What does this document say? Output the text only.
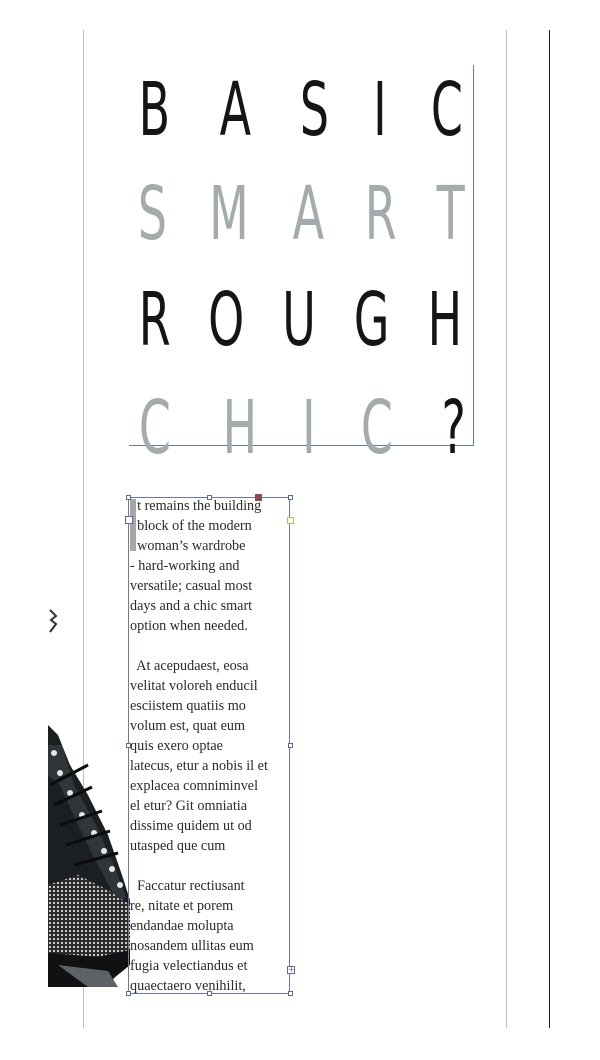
B A S I C
S M A R T
R O U G H
C H I C ?
+

t remains the building

block of the modern

woman’s wardrobe

- hard-working and

versatile; casual most

days and a chic smart

option when needed.

At acepudaest, eosa

velitat voloreh enducil

esciistem quatiis mo

volum est, quat eum

quis exero optae

latecus, etur a nobis il et

explacea comniminvel

el etur? Git omniatia

dissime quidem ut od

utasped que cum

Faccatur rectiusant

re, nitate et porem

endandae molupta

nosandem ullitas eum

fugia velectiandus et

quaectaero venihilit,
